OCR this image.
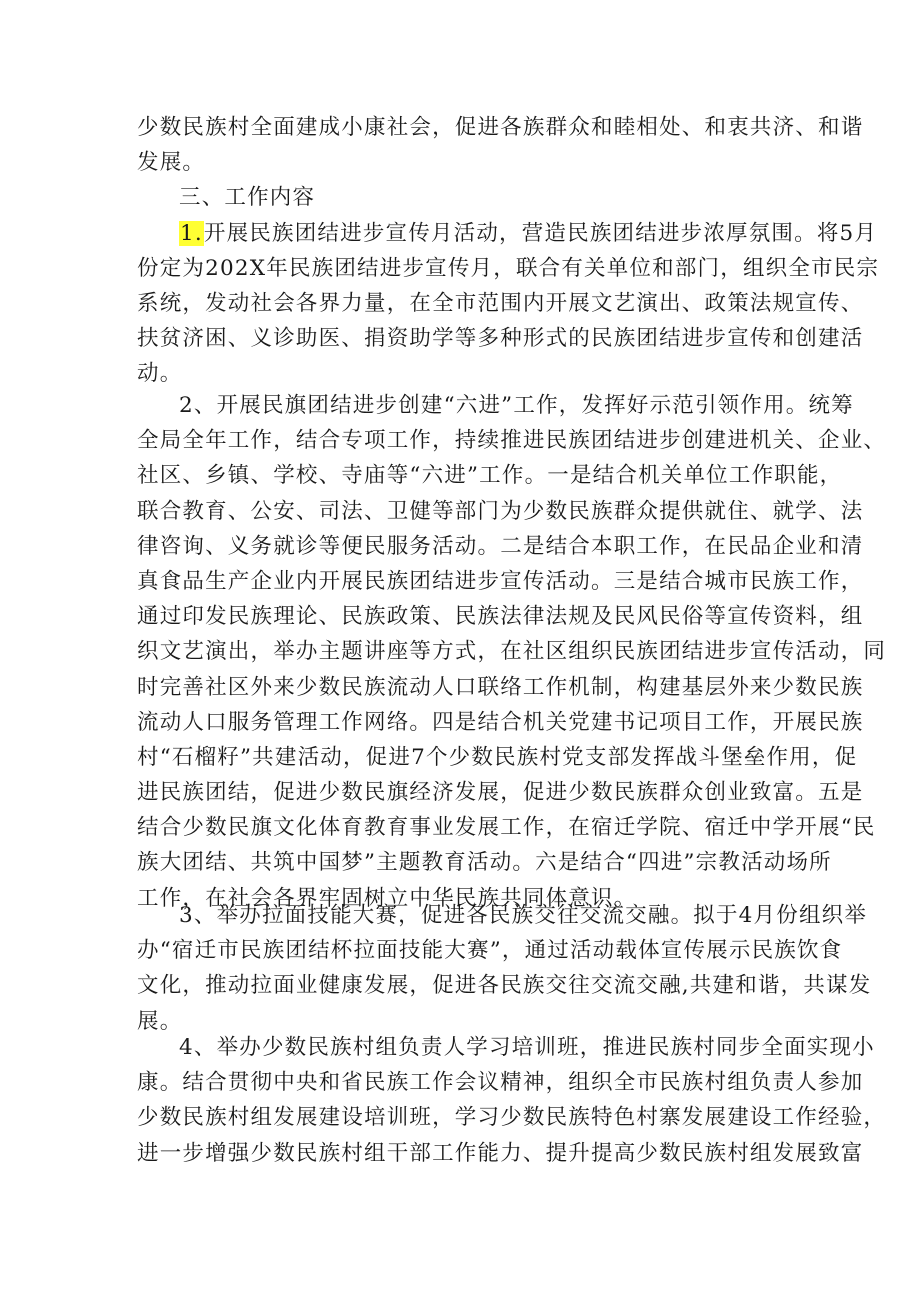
少数民族村全面建成小康社会，促进各族群众和睦相处、和衷共济、和谐
发展。
三、工作内容
1.开展民族团结进步宣传月活动，营造民族团结进步浓厚氛围。将5月
份定为202X年民族团结进步宣传月，联合有关单位和部门，组织全市民宗
系统，发动社会各界力量，在全市范围内开展文艺演出、政策法规宣传、
扶贫济困、义诊助医、捐资助学等多种形式的民族团结进步宣传和创建活
动。
2、开展民旗团结进步创建“六进”工作，发挥好示范引领作用。统筹
全局全年工作，结合专项工作，持续推进民族团结进步创建进机关、企业、
社区、乡镇、学校、寺庙等“六进”工作。一是结合机关单位工作职能，
联合教育、公安、司法、卫健等部门为少数民族群众提供就住、就学、法
律咨询、义务就诊等便民服务活动。二是结合本职工作，在民品企业和清
真食品生产企业内开展民族团结进步宣传活动。三是结合城市民族工作，
通过印发民族理论、民族政策、民族法律法规及民风民俗等宣传资料，组
织文艺演出，举办主题讲座等方式，在社区组织民族团结进步宣传活动，同
时完善社区外来少数民族流动人口联络工作机制，构建基层外来少数民族
流动人口服务管理工作网络。四是结合机关党建书记项目工作，开展民族
村“石榴籽”共建活动，促进7个少数民族村党支部发挥战斗堡垒作用，促
进民族团结，促进少数民旗经济发展，促进少数民族群众创业致富。五是
结合少数民旗文化体育教育事业发展工作，在宿迁学院、宿迁中学开展“民
族大团结、共筑中国梦”主题教育活动。六是结合“四进”宗教活动场所
工作，在社会各界牢固树立中华民族共同体意识。
3、举办拉面技能大赛，促进各民族交往交流交融。拟于4月份组织举
办“宿迁市民族团结杯拉面技能大赛”，通过活动载体宣传展示民族饮食
文化，推动拉面业健康发展，促进各民族交往交流交融,共建和谐，共谋发
展。
4、举办少数民族村组负责人学习培训班，推进民族村同步全面实现小
康。结合贯彻中央和省民族工作会议精神，组织全市民族村组负责人参加
少数民族村组发展建设培训班，学习少数民族特色村寨发展建设工作经验，
进一步增强少数民族村组干部工作能力、提升提高少数民族村组发展致富
